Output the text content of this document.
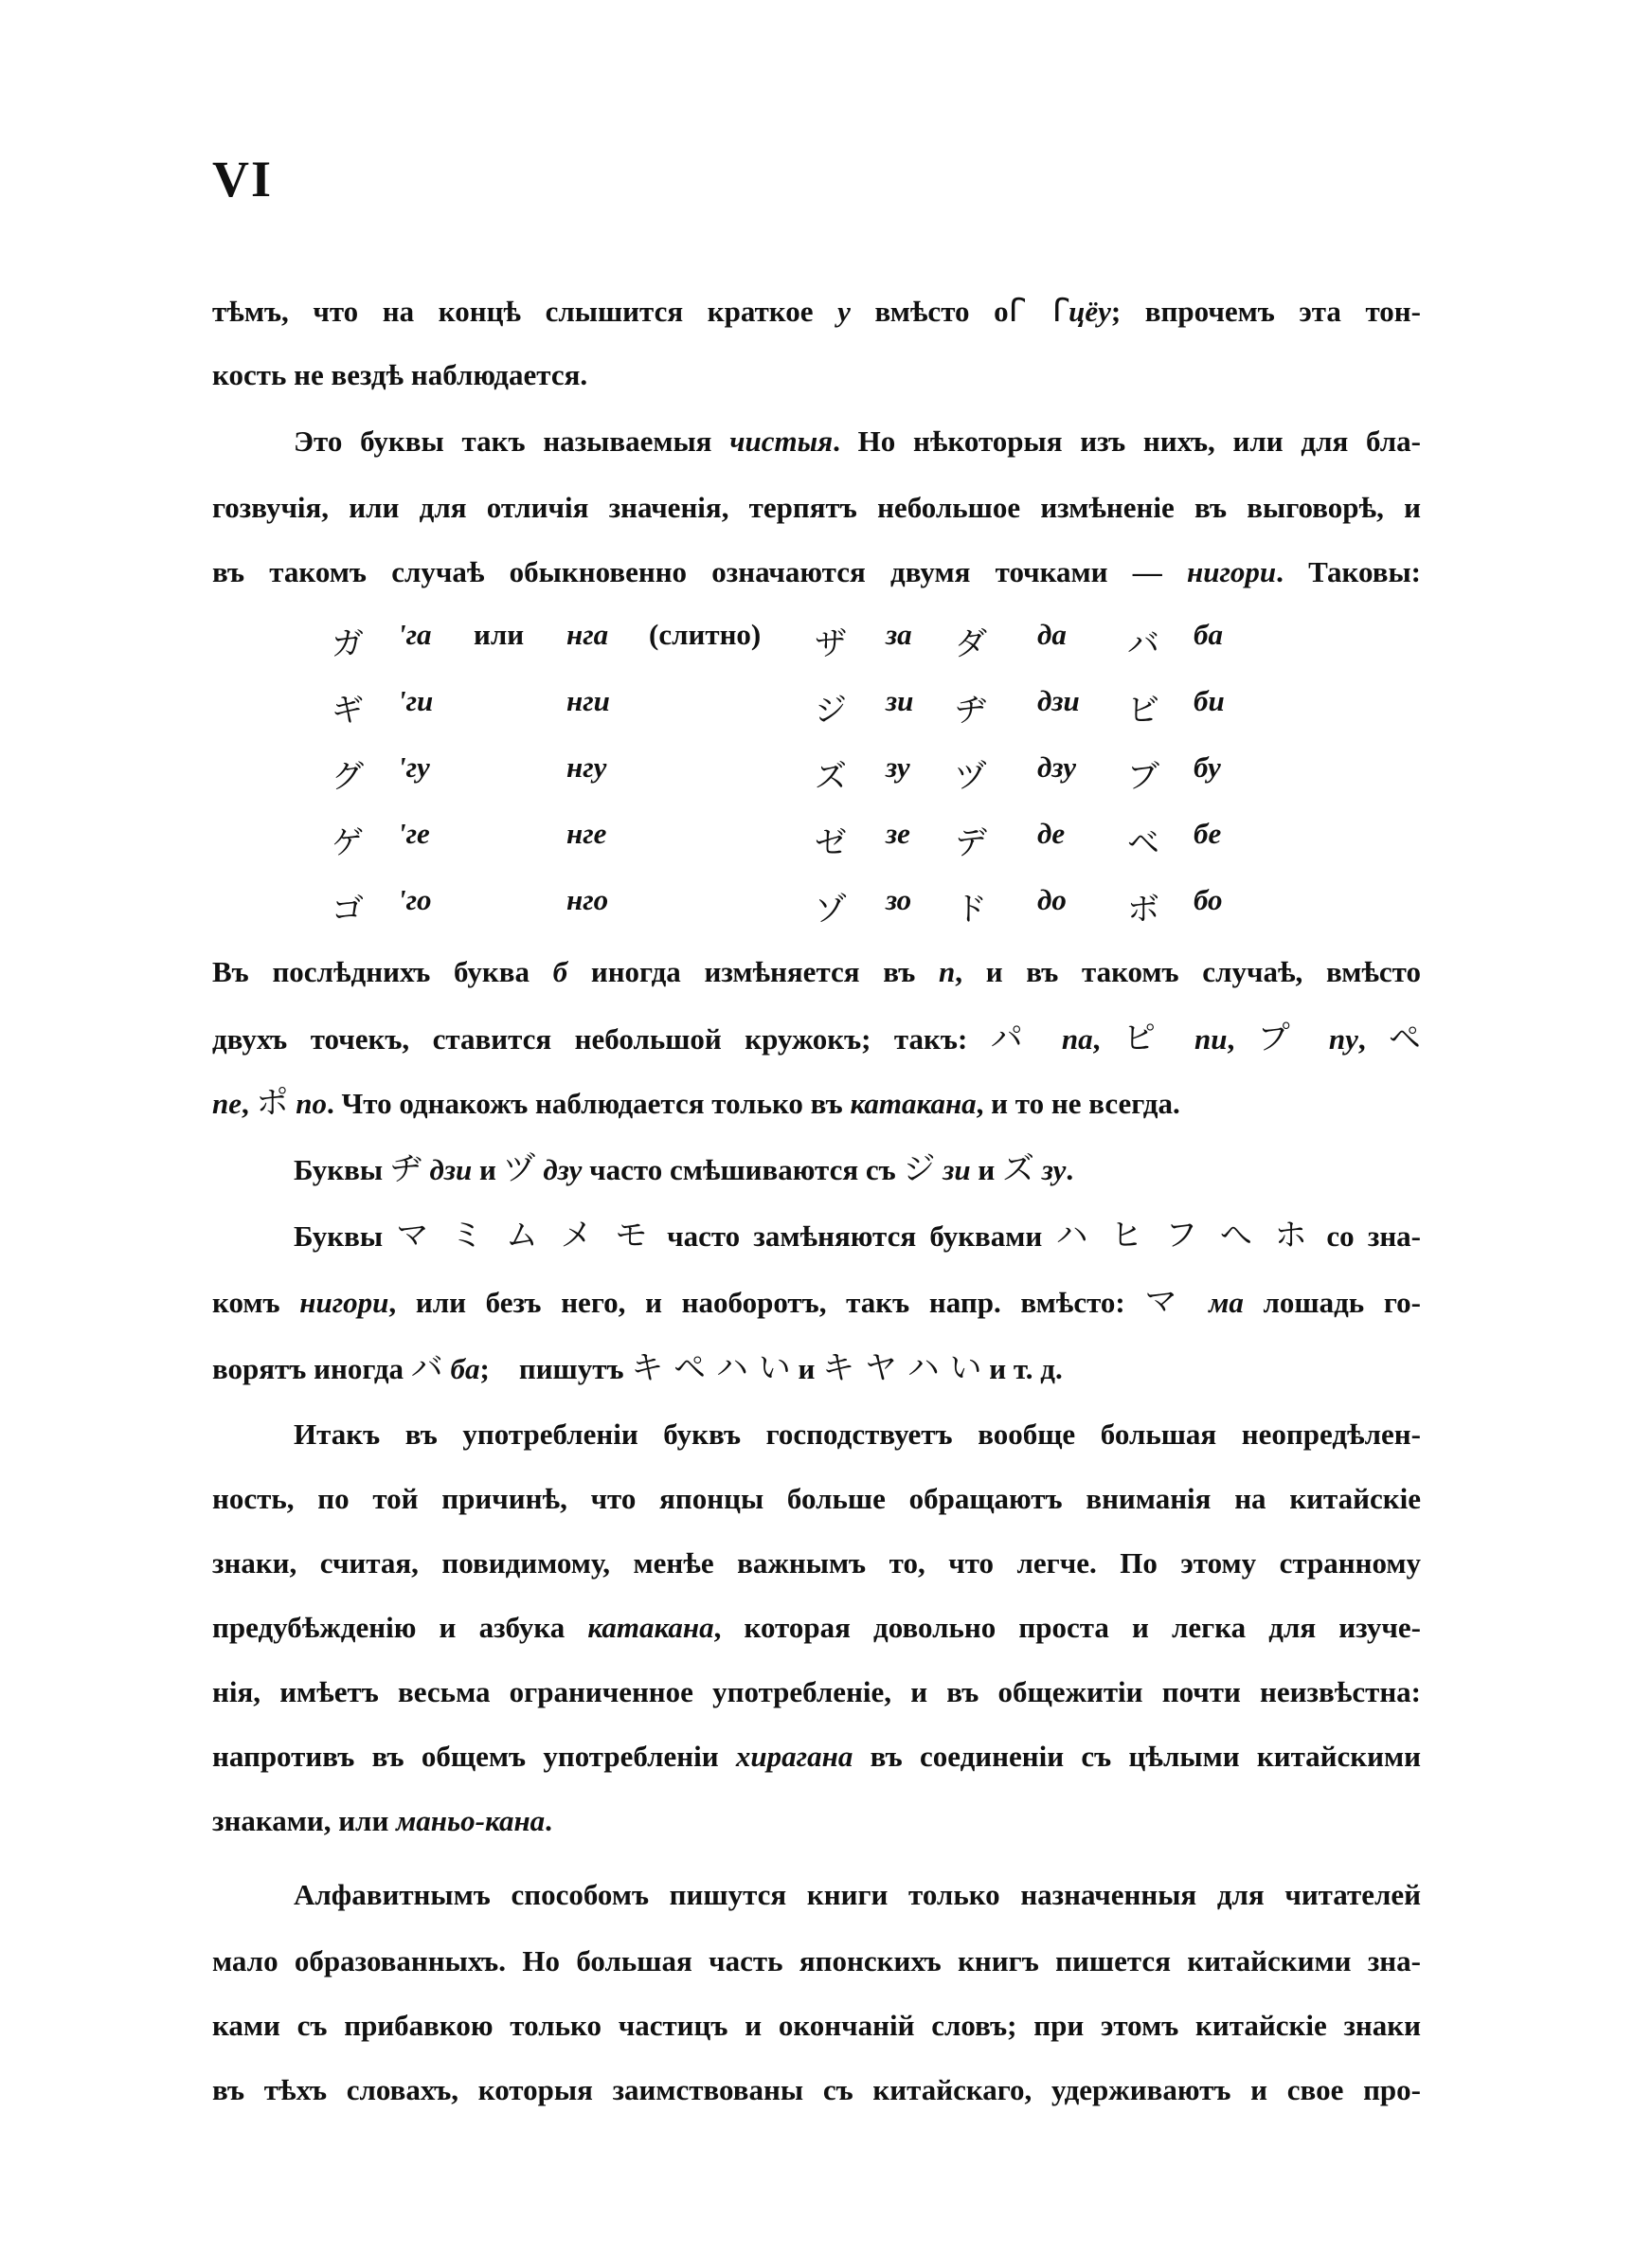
VI
тѣмъ, что на концѣ слышится краткое у вмѣсто оꓩ ꓩцёу; впрочемъ эта тон-
кость не вездѣ наблюдается.
Это буквы такъ называемыя чистыя. Но нѣкоторыя изъ нихъ, или для бла-
гозвучія, или для отличія значенія, терпятъ небольшое измѣненіе въ выговорѣ, и
въ такомъ случаѣ обыкновенно означаются двумя точками — нигори. Таковы:
ガ 'га или нга (слитно) ザ за ダ да バ ба
ギ 'ги	нги	ジ зи ヂ дзи ビ би
グ 'гу	нгу	ズ зу ヅ дзу ブ бу
ゲ 'ге	нге	ゼ зе デ де ベ бе
ゴ 'го	нго	ゾ зо ド до ボ бо
Въ послѣднихъ буква б иногда измѣняется въ п, и въ такомъ случаѣ, вмѣсто
двухъ точекъ, ставится небольшой кружокъ; такъ: パ па, ピ пи, プ пу, ペ
пе, ポ по. Что однакожъ наблюдается только въ катакана, и то не всегда.
Буквы ヂ дзи и ヅ дзу часто смѣшиваются съ ジ зи и ズ зу.
Буквы マ ミ ム メ モ часто замѣняются буквами ハ ヒ フ へ ホ со зна-
комъ нигори, или безъ него, и наоборотъ, такъ напр. вмѣсто: マ ма лошадь го-
ворятъ иногда バ ба;    пишутъ キ ペ ハ い и キ ヤ ハ い и т. д.
Итакъ въ употребленіи буквъ господствуетъ вообще большая неопредѣлен-
ность, по той причинѣ, что японцы больше обращаютъ вниманія на китайскіе
знаки, считая, повидимому, менѣе важнымъ то, что легче. По этому странному
предубѣжденію и азбука катакана, которая довольно проста и легка для изуче-
нія, имѣетъ весьма ограниченное употребленіе, и въ общежитіи почти неизвѣстна:
напротивъ въ общемъ употребленіи хирагана въ соединеніи съ цѣлыми китайскими
знаками, или маньо-кана.
Алфавитнымъ способомъ пишутся книги только назначенныя для читателей
мало образованныхъ. Но большая часть японскихъ книгъ пишется китайскими зна-
ками съ прибавкою только частицъ и окончаній словъ; при этомъ китайскіе знаки
въ тѣхъ словахъ, которыя заимствованы съ китайскаго, удерживаютъ и свое про-
